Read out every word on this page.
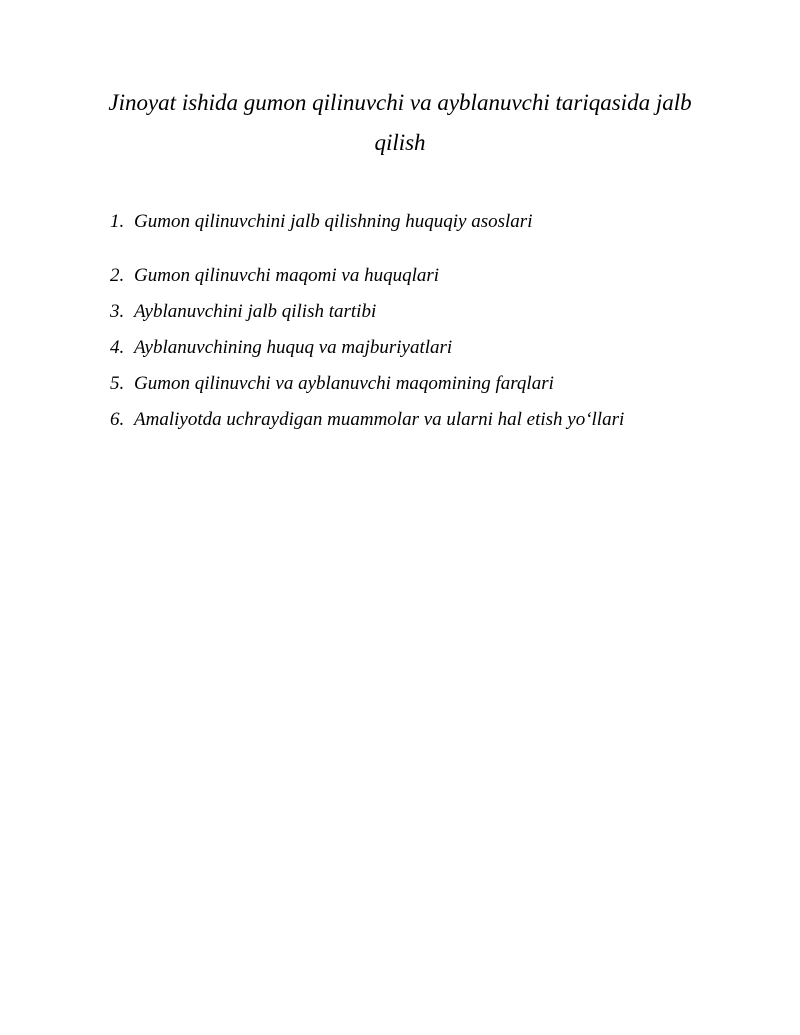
Jinoyat ishida gumon qilinuvchi va ayblanuvchi tariqasida jalb qilish
1. Gumon qilinuvchini jalb qilishning huquqiy asoslari
2. Gumon qilinuvchi maqomi va huquqlari
3. Ayblanuvchini jalb qilish tartibi
4. Ayblanuvchining huquq va majburiyatlari
5. Gumon qilinuvchi va ayblanuvchi maqomining farqlari
6. Amaliyotda uchraydigan muammolar va ularni hal etish yo‘llari
